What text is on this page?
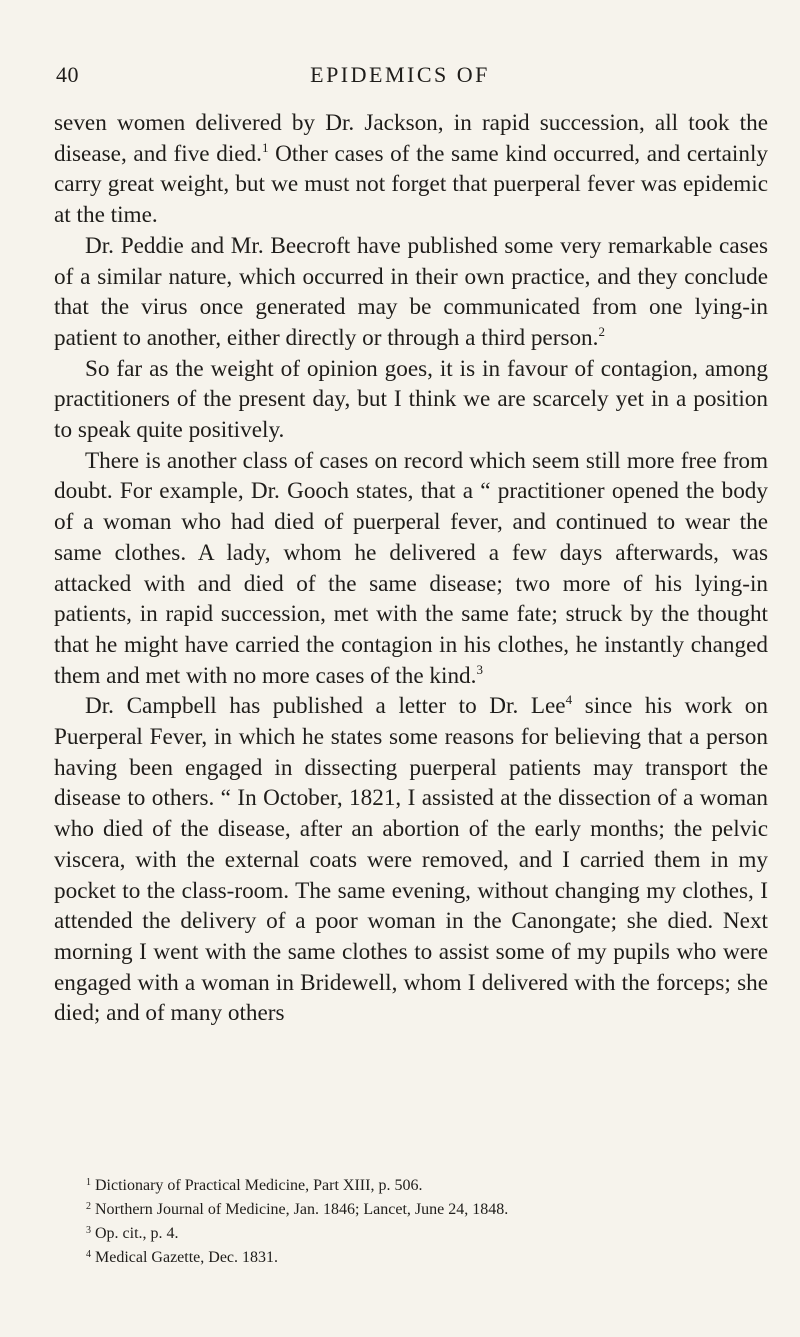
40	EPIDEMICS OF

seven women delivered by Dr. Jackson, in rapid succession, all took the disease, and five died.$^1$ Other cases of the same kind occurred, and certainly carry great weight, but we must not forget that puerperal fever was epidemic at the time.

Dr. Peddie and Mr. Beecroft have published some very remarkable cases of a similar nature, which occurred in their own practice, and they conclude that the virus once generated may be communicated from one lying-in patient to another, either directly or through a third person.$^2$

So far as the weight of opinion goes, it is in favour of contagion, among practitioners of the present day, but I think we are scarcely yet in a position to speak quite positively.

There is another class of cases on record which seem still more free from doubt. For example, Dr. Gooch states, that a “ practitioner opened the body of a woman who had died of puerperal fever, and continued to wear the same clothes. A lady, whom he delivered a few days afterwards, was attacked with and died of the same disease; two more of his lying-in patients, in rapid succession, met with the same fate; struck by the thought that he might have carried the contagion in his clothes, he instantly changed them and met with no more cases of the kind.$^3$

Dr. Campbell has published a letter to Dr. Lee$^4$ since his work on Puerperal Fever, in which he states some reasons for believing that a person having been engaged in dissecting puerperal patients may transport the disease to others. “ In October, 1821, I assisted at the dissection of a woman who died of the disease, after an abortion of the early months; the pelvic viscera, with the external coats were removed, and I carried them in my pocket to the class-room. The same evening, without changing my clothes, I attended the delivery of a poor woman in the Canongate; she died. Next morning I went with the same clothes to assist some of my pupils who were engaged with a woman in Bridewell, whom I delivered with the forceps; she died; and of many others

$^1$ Dictionary of Practical Medicine, Part XIII, p. 506.
$^2$ Northern Journal of Medicine, Jan. 1846; Lancet, June 24, 1848.
$^3$ Op. cit., p. 4.
$^4$ Medical Gazette, Dec. 1831.
